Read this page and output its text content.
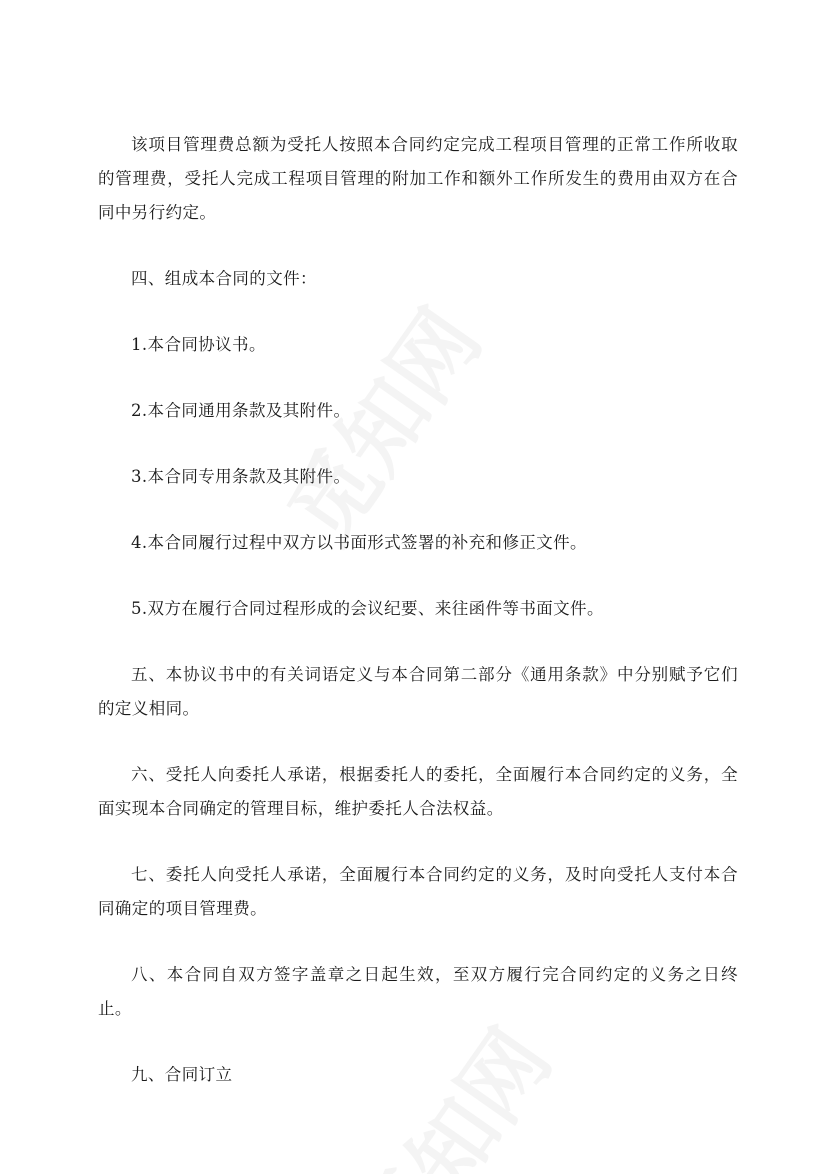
该项目管理费总额为受托人按照本合同约定完成工程项目管理的正常工作所收取的管理费，受托人完成工程项目管理的附加工作和额外工作所发生的费用由双方在合同中另行约定。

四、组成本合同的文件：

1.本合同协议书。

2.本合同通用条款及其附件。

3.本合同专用条款及其附件。

4.本合同履行过程中双方以书面形式签署的补充和修正文件。

5.双方在履行合同过程形成的会议纪要、来往函件等书面文件。

五、本协议书中的有关词语定义与本合同第二部分《通用条款》中分别赋予它们的定义相同。

六、受托人向委托人承诺，根据委托人的委托，全面履行本合同约定的义务，全面实现本合同确定的管理目标，维护委托人合法权益。

七、委托人向受托人承诺，全面履行本合同约定的义务，及时向受托人支付本合同确定的项目管理费。

八、本合同自双方签字盖章之日起生效，至双方履行完合同约定的义务之日终止。

九、合同订立
